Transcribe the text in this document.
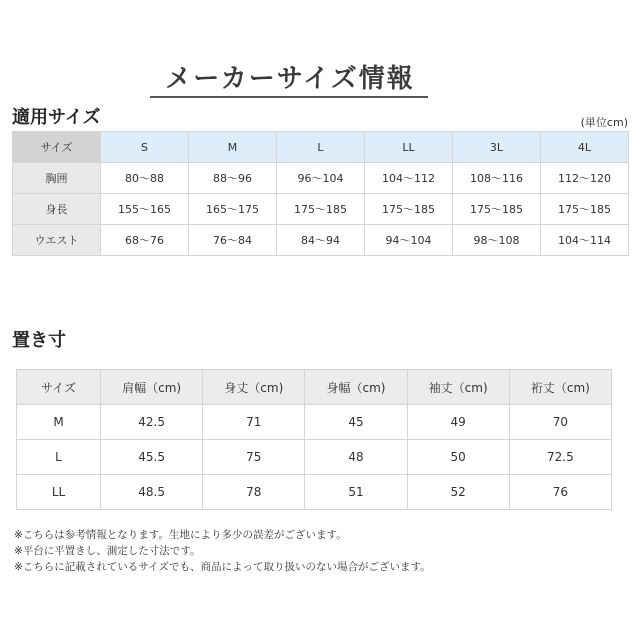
メーカーサイズ情報
適用サイズ	(単位cm)
サイズ	S	M	L	LL	3L	4L
胸囲	80〜88	88〜96	96〜104	104〜112	108〜116	112〜120
身長	155〜165	165〜175	175〜185	175〜185	175〜185	175〜185
ウエスト	68〜76	76〜84	84〜94	94〜104	98〜108	104〜114
置き寸
サイズ	肩幅（cm)	身丈（cm)	身幅（cm)	袖丈（cm)	裄丈（cm)
M	42.5	71	45	49	70
L	45.5	75	48	50	72.5
LL	48.5	78	51	52	76
※こちらは参考情報となります。生地により多少の誤差がございます。
※平台に平置きし、測定した寸法です。
※こちらに記載されているサイズでも、商品によって取り扱いのない場合がございます。
